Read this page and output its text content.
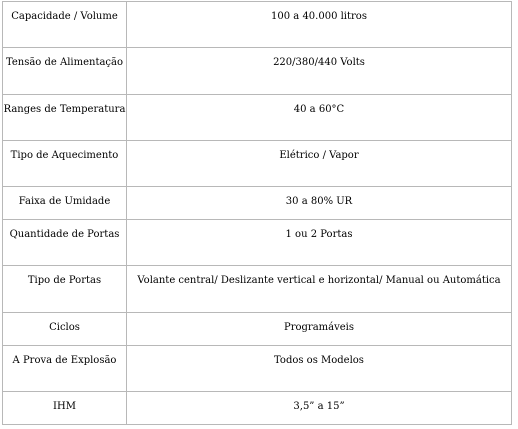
Capacidade / Volume	100 a 40.000 litros

Tensão de Alimentação	220/380/440 Volts

Ranges de Temperatura	40 a 60°C

Tipo de Aquecimento	Elétrico / Vapor

Faixa de Umidade	30 a 80% UR

Quantidade de Portas	1 ou 2 Portas

Tipo de Portas	Volante central/ Deslizante vertical e horizontal/ Manual ou Automática

Ciclos	Programáveis

A Prova de Explosão	Todos os Modelos

IHM	3,5” a 15”
